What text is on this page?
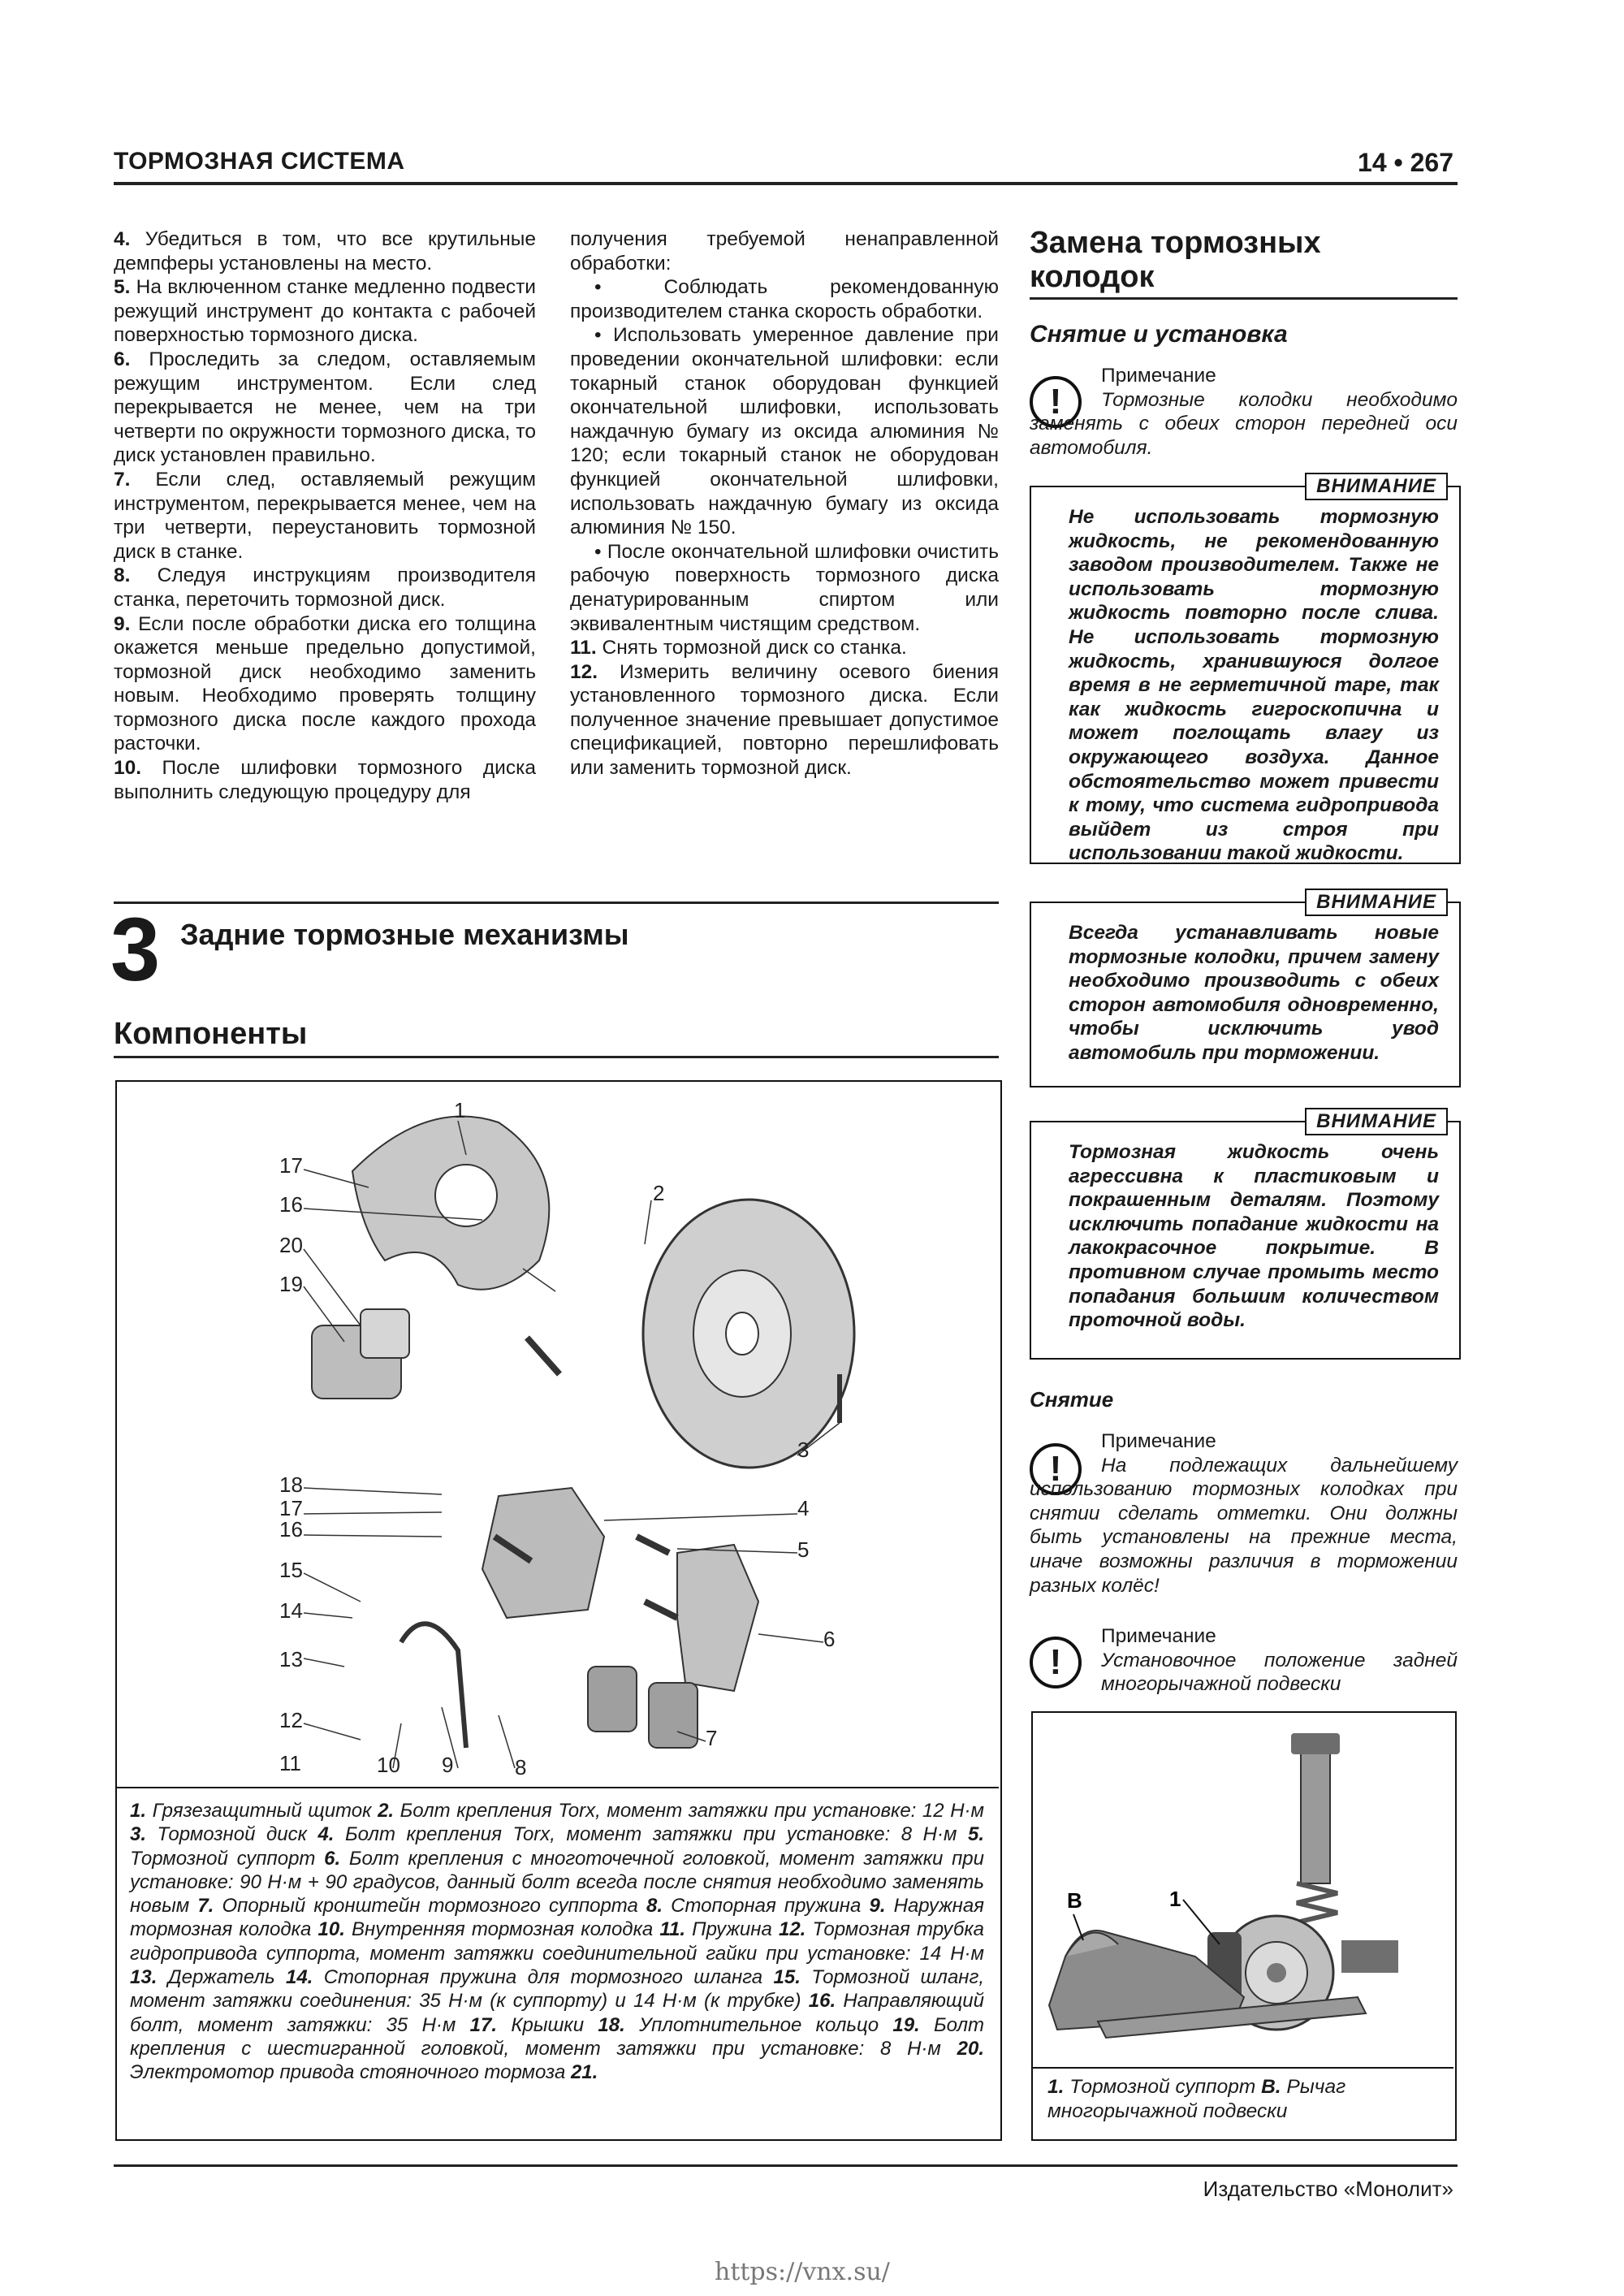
ТОРМОЗНАЯ СИСТЕМА	14 • 267

4. Убедиться в том, что все крутильные демпферы установлены на место.

5. На включенном станке медленно подвести режущий инструмент до контакта с рабочей поверхностью тормозного диска.

6. Проследить за следом, оставляемым режущим инструментом. Если след перекрывается не менее, чем на три четверти по окружности тормозного диска, то диск установлен правильно.

7. Если след, оставляемый режущим инструментом, перекрывается менее, чем на три четверти, переустановить тормозной диск в станке.

8. Следуя инструкциям производителя станка, переточить тормозной диск.

9. Если после обработки диска его толщина окажется меньше предельно допустимой, тормозной диск необходимо заменить новым. Необходимо проверять толщину тормозного диска после каждого прохода расточки.

10. После шлифовки тормозного диска выполнить следующую процедуру для

получения требуемой ненаправленной обработки:

• Соблюдать рекомендованную производителем станка скорость обработки.

• Использовать умеренное давление при проведении окончательной шлифовки: если токарный станок оборудован функцией окончательной шлифовки, использовать наждачную бумагу из оксида алюминия № 120; если токарный станок не оборудован функцией окончательной шлифовки, использовать наждачную бумагу из оксида алюминия № 150.

• После окончательной шлифовки очистить рабочую поверхность тормозного диска денатурированным спиртом или эквивалентным чистящим средством.

11. Снять тормозной диск со станка.

12. Измерить величину осевого биения установленного тормозного диска. Если полученное значение превышает допустимое спецификацией, повторно перешлифовать или заменить тормозной диск.

Замена тормозных колодок
Снятие и установка
!
Примечание
Тормозные колодки необходимо заменять с обеих сторон передней оси автомобиля.
ВНИМАНИЕ
Не использовать тормозную жидкость, не рекомендованную заводом производителем. Также не использовать тормозную жидкость повторно после слива. Не использовать тормозную жидкость, хранившуюся долгое время в не герметичной таре, так как жидкость гигроскопична и может поглощать влагу из окружающего воздуха. Данное обстоятельство может привести к тому, что система гидропривода выйдет из строя при использовании такой жидкости.
ВНИМАНИЕ
Всегда устанавливать новые тормозные колодки, причем замену необходимо производить с обеих сторон автомобиля одновременно, чтобы исключить увод автомобиль при торможении.
ВНИМАНИЕ
Тормозная жидкость очень агрессивна к пластиковым и покрашенным деталям. Поэтому исключить попадание жидкости на лакокрасочное покрытие. В противном случае промыть место попадания большим количеством проточной воды.
Снятие
!
Примечание
На подлежащих дальнейшему использованию тормозных колодках при снятии сделать отметки. Они должны быть установлены на прежние места, иначе возможны различия в торможении разных колёс!
!
Примечание
Установочное положение задней многорычажной подвески
B	1
1. Тормозной суппорт B. Рычаг многорычажной подвески
3 Задние тормозные механизмы
Компоненты
1
2
3
4
5
6
7
8
9
10
11
12
13
14
15
16
17
18
19
20
16
17
1. Грязезащитный щиток 2. Болт крепления Torx, момент затяжки при установке: 12 Н·м 3. Тормозной диск 4. Болт крепления Torx, момент затяжки при установке: 8 Н·м 5. Тормозной суппорт 6. Болт крепления с многоточечной головкой, момент затяжки при установке: 90 Н·м + 90 градусов, данный болт всегда после снятия необходимо заменять новым 7. Опорный кронштейн тормозного суппорта 8. Стопорная пружина 9. Наружная тормозная колодка 10. Внутренняя тормозная колодка 11. Пружина 12. Тормозная трубка гидропривода суппорта, момент затяжки соединительной гайки при установке: 14 Н·м 13. Держатель 14. Стопорная пружина для тормозного шланга 15. Тормозной шланг, момент затяжки соединения: 35 Н·м (к суппорту) и 14 Н·м (к трубке) 16. Направляющий болт, момент затяжки: 35 Н·м 17. Крышки 18. Уплотнительное кольцо 19. Болт крепления с шестигранной головкой, момент затяжки при установке: 8 Н·м 20. Электромотор привода стояночного тормоза 21.
Издательство «Монолит»
https://vnx.su/
